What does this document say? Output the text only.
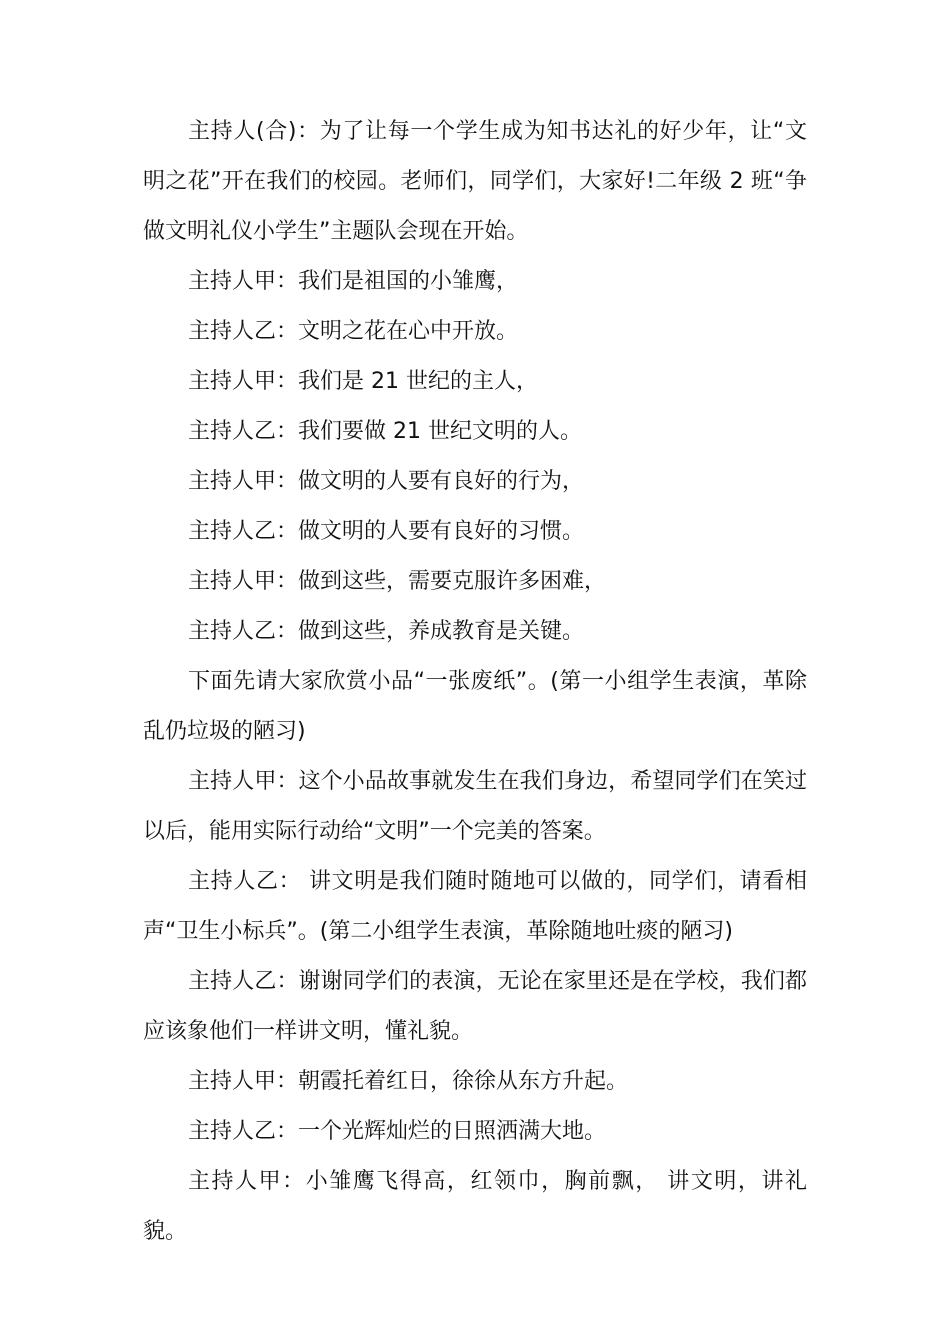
主持人(合)：为了让每一个学生成为知书达礼的好少年，让“文明之花”开在我们的校园。老师们，同学们，大家好!二年级 2 班“争做文明礼仪小学生”主题队会现在开始。

主持人甲：我们是祖国的小雏鹰，

主持人乙：文明之花在心中开放。

主持人甲：我们是 21 世纪的主人，

主持人乙：我们要做 21 世纪文明的人。

主持人甲：做文明的人要有良好的行为，

主持人乙：做文明的人要有良好的习惯。

主持人甲：做到这些，需要克服许多困难，

主持人乙：做到这些，养成教育是关键。

下面先请大家欣赏小品“一张废纸”。(第一小组学生表演，革除乱仍垃圾的陋习)

主持人甲：这个小品故事就发生在我们身边，希望同学们在笑过以后，能用实际行动给“文明”一个完美的答案。

主持人乙： 讲文明是我们随时随地可以做的，同学们，请看相声“卫生小标兵”。(第二小组学生表演，革除随地吐痰的陋习)

主持人乙：谢谢同学们的表演，无论在家里还是在学校，我们都应该象他们一样讲文明，懂礼貌。

主持人甲：朝霞托着红日，徐徐从东方升起。

主持人乙：一个光辉灿烂的日照洒满大地。

主持人甲：小雏鹰飞得高，红领巾，胸前飘， 讲文明，讲礼貌。
